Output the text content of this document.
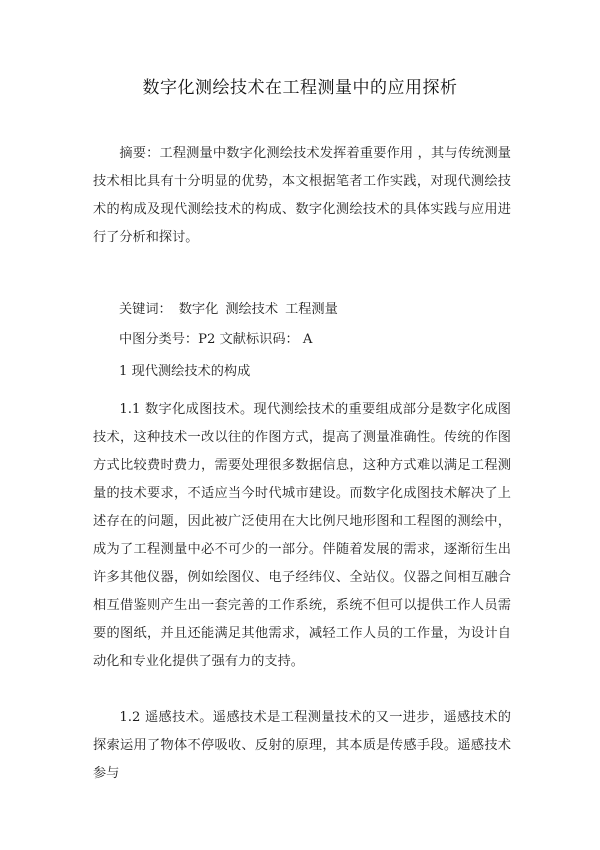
数字化测绘技术在工程测量中的应用探析

摘要：工程测量中数字化测绘技术发挥着重要作用 ，其与传统测量技术相比具有十分明显的优势，本文根据笔者工作实践，对现代测绘技术的构成及现代测绘技术的构成、数字化测绘技术的具体实践与应用进行了分析和探讨。

关键词： 数字化 测绘技术 工程测量
中图分类号：P2 文献标识码： A
1 现代测绘技术的构成

1.1 数字化成图技术。现代测绘技术的重要组成部分是数字化成图技术，这种技术一改以往的作图方式，提高了测量准确性。传统的作图方式比较费时费力，需要处理很多数据信息，这种方式难以满足工程测量的技术要求，不适应当今时代城市建设。而数字化成图技术解决了上述存在的问题，因此被广泛使用在大比例尺地形图和工程图的测绘中，成为了工程测量中必不可少的一部分。伴随着发展的需求，逐渐衍生出许多其他仪器，例如绘图仪、电子经纬仪、全站仪。仪器之间相互融合相互借鉴则产生出一套完善的工作系统，系统不但可以提供工作人员需要的图纸，并且还能满足其他需求，减轻工作人员的工作量，为设计自动化和专业化提供了强有力的支持。

1.2 遥感技术。遥感技术是工程测量技术的又一进步，遥感技术的探索运用了物体不停吸收、反射的原理，其本质是传感手段。遥感技术参与
